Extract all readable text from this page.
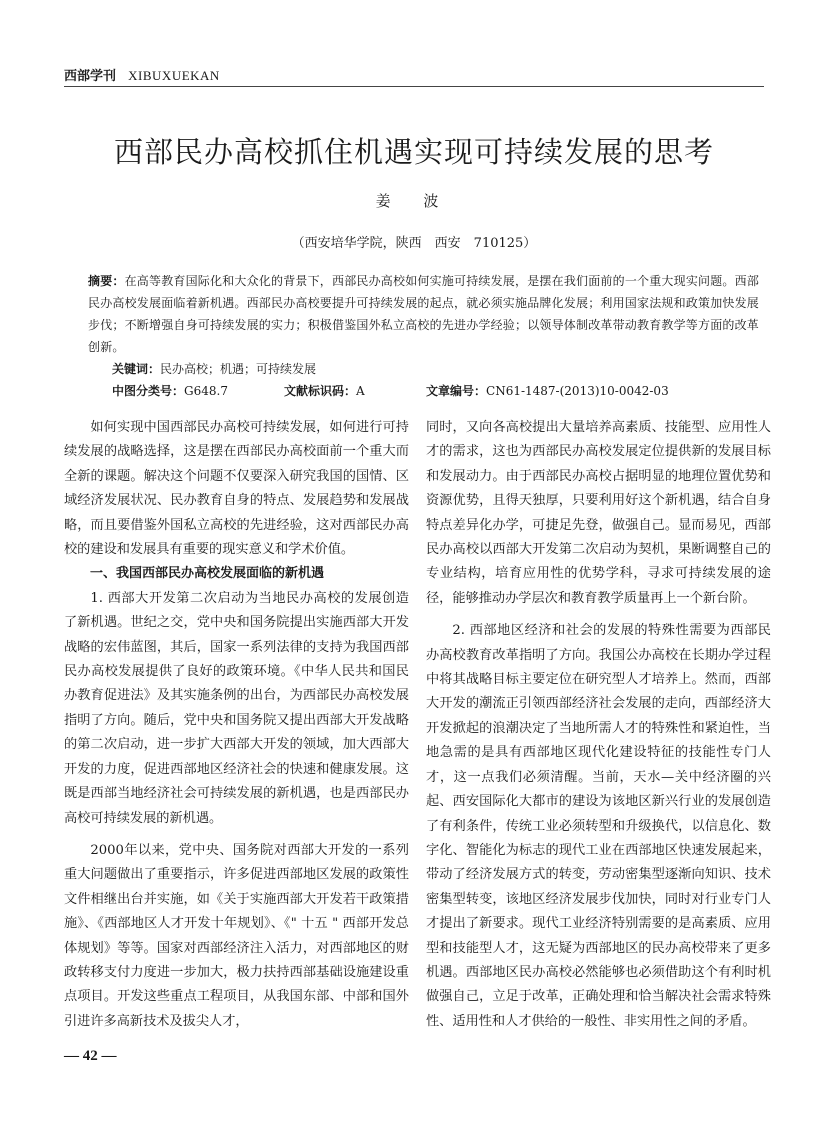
西部学刊 XIBUXUEKAN
西部民办高校抓住机遇实现可持续发展的思考
姜 波
（西安培华学院，陕西　西安　710125）
摘要：在高等教育国际化和大众化的背景下，西部民办高校如何实施可持续发展，是摆在我们面前的一个重大现实问题。西部民办高校发展面临着新机遇。西部民办高校要提升可持续发展的起点，就必须实施品牌化发展；利用国家法规和政策加快发展步伐；不断增强自身可持续发展的实力；积极借鉴国外私立高校的先进办学经验；以领导体制改革带动教育教学等方面的改革创新。
关键词：民办高校；机遇；可持续发展
中图分类号：G648.7	文献标识码：A	文章编号：CN61-1487-(2013)10-0042-03

如何实现中国西部民办高校可持续发展，如何进行可持续发展的战略选择，这是摆在西部民办高校面前一个重大而全新的课题。解决这个问题不仅要深入研究我国的国情、区域经济发展状况、民办教育自身的特点、发展趋势和发展战略，而且要借鉴外国私立高校的先进经验，这对西部民办高校的建设和发展具有重要的现实意义和学术价值。

一、我国西部民办高校发展面临的新机遇

1. 西部大开发第二次启动为当地民办高校的发展创造了新机遇。世纪之交，党中央和国务院提出实施西部大开发战略的宏伟蓝图，其后，国家一系列法律的支持为我国西部民办高校发展提供了良好的政策环境。《中华人民共和国民办教育促进法》及其实施条例的出台，为西部民办高校发展指明了方向。随后，党中央和国务院又提出西部大开发战略的第二次启动，进一步扩大西部大开发的领域，加大西部大开发的力度，促进西部地区经济社会的快速和健康发展。这既是西部当地经济社会可持续发展的新机遇，也是西部民办高校可持续发展的新机遇。

2000年以来，党中央、国务院对西部大开发的一系列重大问题做出了重要指示，许多促进西部地区发展的政策性文件相继出台并实施，如《关于实施西部大开发若干政策措施》、《西部地区人才开发十年规划》、《" 十五 " 西部开发总体规划》等等。国家对西部经济注入活力，对西部地区的财政转移支付力度进一步加大，极力扶持西部基础设施建设重点项目。开发这些重点工程项目，从我国东部、中部和国外引进许多高新技术及拔尖人才，

同时，又向各高校提出大量培养高素质、技能型、应用性人才的需求，这也为西部民办高校发展定位提供新的发展目标和发展动力。由于西部民办高校占据明显的地理位置优势和资源优势，且得天独厚，只要利用好这个新机遇，结合自身特点差异化办学，可捷足先登，做强自己。显而易见，西部民办高校以西部大开发第二次启动为契机，果断调整自己的专业结构，培育应用性的优势学科，寻求可持续发展的途径，能够推动办学层次和教育教学质量再上一个新台阶。

2. 西部地区经济和社会的发展的特殊性需要为西部民办高校教育改革指明了方向。我国公办高校在长期办学过程中将其战略目标主要定位在研究型人才培养上。然而，西部大开发的潮流正引领西部经济社会发展的走向，西部经济大开发掀起的浪潮决定了当地所需人才的特殊性和紧迫性，当地急需的是具有西部地区现代化建设特征的技能性专门人才，这一点我们必须清醒。当前，天水—关中经济圈的兴起、西安国际化大都市的建设为该地区新兴行业的发展创造了有利条件，传统工业必须转型和升级换代，以信息化、数字化、智能化为标志的现代工业在西部地区快速发展起来，带动了经济发展方式的转变，劳动密集型逐渐向知识、技术密集型转变，该地区经济发展步伐加快，同时对行业专门人才提出了新要求。现代工业经济特别需要的是高素质、应用型和技能型人才，这无疑为西部地区的民办高校带来了更多机遇。西部地区民办高校必然能够也必须借助这个有利时机做强自己，立足于改革，正确处理和恰当解决社会需求特殊性、适用性和人才供给的一般性、非实用性之间的矛盾。

— 42 —
